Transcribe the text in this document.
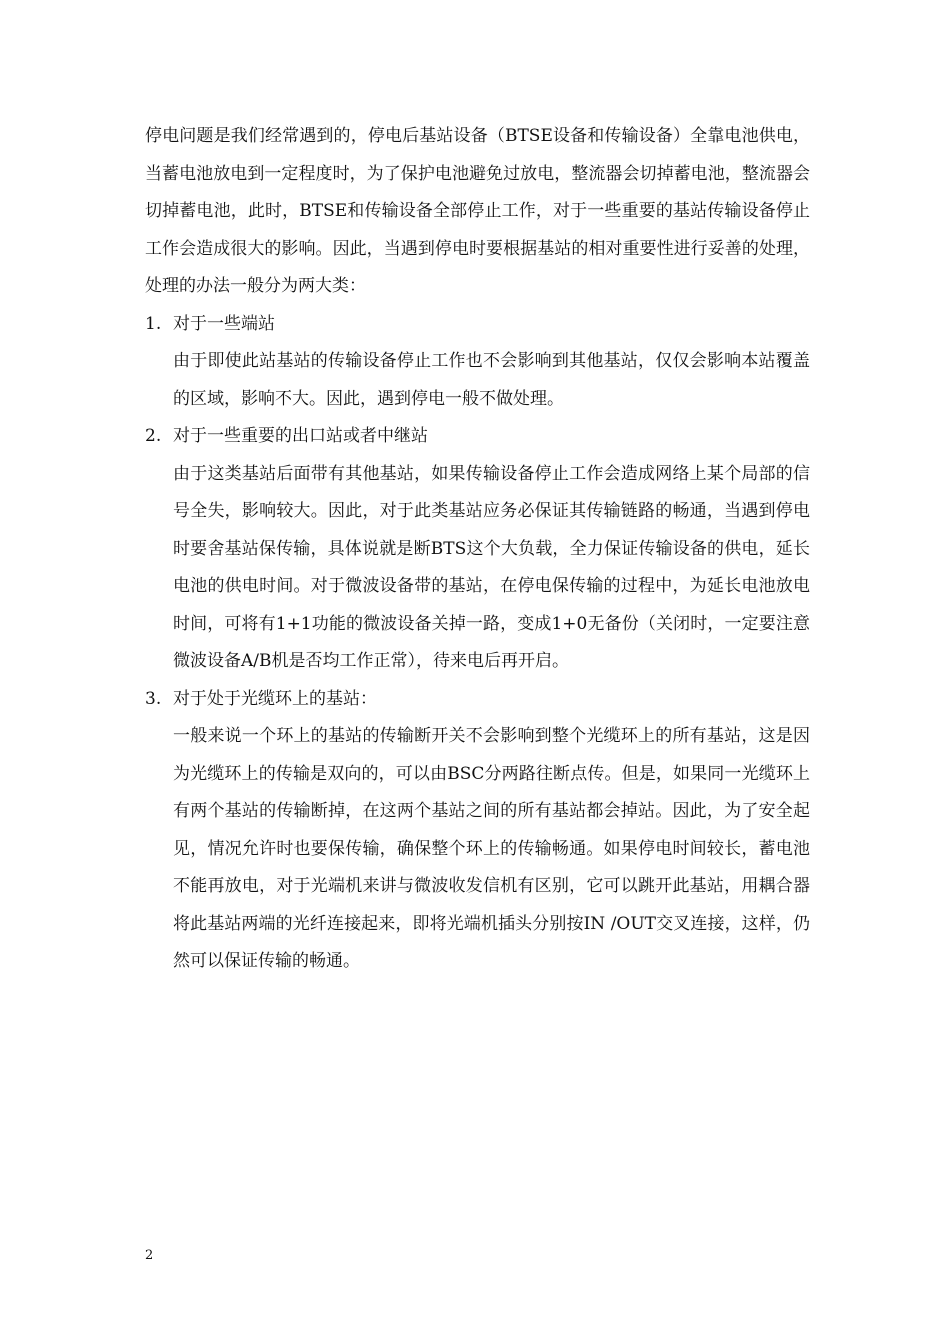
停电问题是我们经常遇到的，停电后基站设备（BTSE设备和传输设备）全靠电池供电，当蓄电池放电到一定程度时，为了保护电池避免过放电，整流器会切掉蓄电池，整流器会切掉蓄电池，此时，BTSE和传输设备全部停止工作，对于一些重要的基站传输设备停止工作会造成很大的影响。因此，当遇到停电时要根据基站的相对重要性进行妥善的处理，处理的办法一般分为两大类：

1. 对于一些端站

由于即使此站基站的传输设备停止工作也不会影响到其他基站，仅仅会影响本站覆盖的区域，影响不大。因此，遇到停电一般不做处理。

2. 对于一些重要的出口站或者中继站

由于这类基站后面带有其他基站，如果传输设备停止工作会造成网络上某个局部的信号全失，影响较大。因此，对于此类基站应务必保证其传输链路的畅通，当遇到停电时要舍基站保传输，具体说就是断BTS这个大负载，全力保证传输设备的供电，延长电池的供电时间。对于微波设备带的基站，在停电保传输的过程中，为延长电池放电时间，可将有1+1功能的微波设备关掉一路，变成1+0无备份（关闭时，一定要注意微波设备A/B机是否均工作正常），待来电后再开启。

3. 对于处于光缆环上的基站：

一般来说一个环上的基站的传输断开关不会影响到整个光缆环上的所有基站，这是因为光缆环上的传输是双向的，可以由BSC分两路往断点传。但是，如果同一光缆环上有两个基站的传输断掉，在这两个基站之间的所有基站都会掉站。因此，为了安全起见，情况允许时也要保传输，确保整个环上的传输畅通。如果停电时间较长，蓄电池不能再放电，对于光端机来讲与微波收发信机有区别，它可以跳开此基站，用耦合器将此基站两端的光纤连接起来，即将光端机插头分别按IN /OUT交叉连接，这样，仍然可以保证传输的畅通。

2
